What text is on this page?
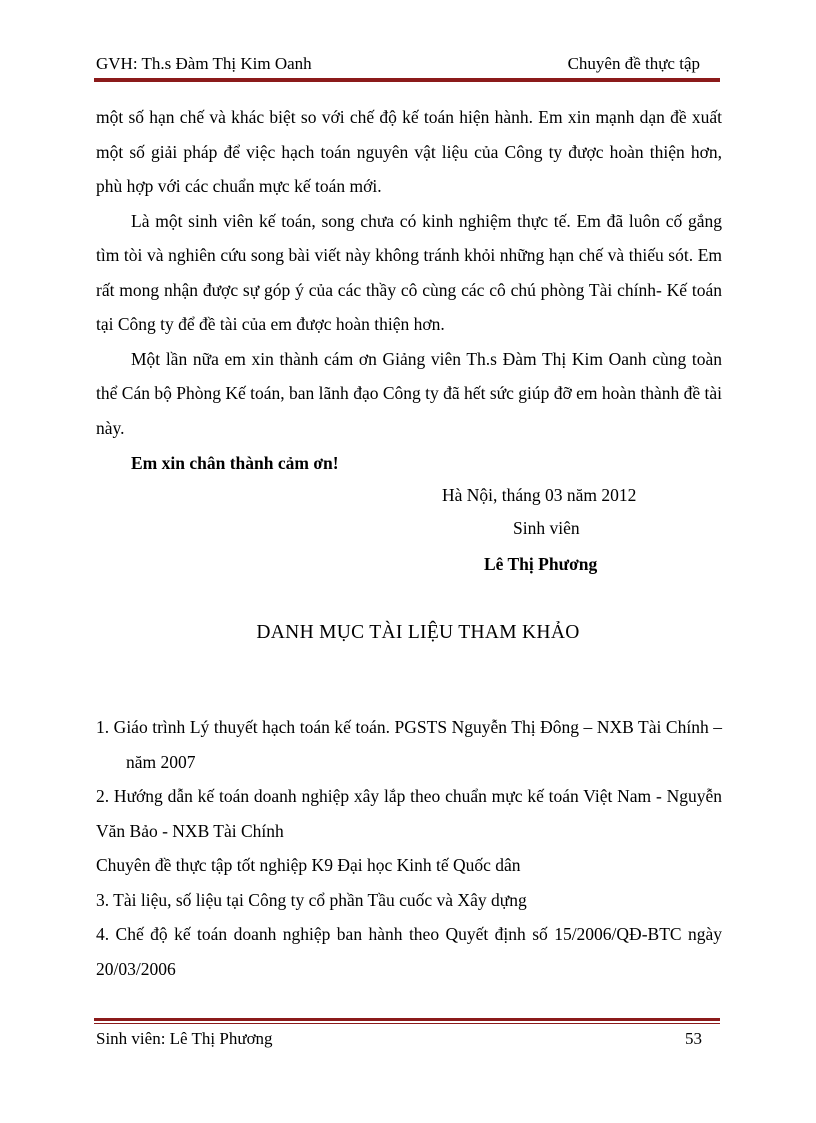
GVH: Th.s Đàm Thị Kim Oanh	Chuyên đề thực tập

một số hạn chế và khác biệt so với chế độ kế toán hiện hành. Em xin mạnh dạn đề xuất một số giải pháp để việc hạch toán nguyên vật liệu của Công ty được hoàn thiện hơn, phù hợp với các chuẩn mực kế toán mới.

Là một sinh viên kế toán, song chưa có kinh nghiệm thực tế. Em đã luôn cố gắng tìm tòi và nghiên cứu song bài viết này không tránh khỏi những hạn chế và thiếu sót. Em rất mong nhận được sự góp ý của các thầy cô cùng các cô chú phòng Tài chính- Kế toán tại Công ty để đề tài của em được hoàn thiện hơn.

Một lần nữa em xin thành cám ơn Giảng viên Th.s Đàm Thị Kim Oanh cùng toàn thể Cán bộ Phòng Kế toán, ban lãnh đạo Công ty đã hết sức giúp đỡ em hoàn thành đề tài này.

Em xin chân thành cảm ơn!
Hà Nội, tháng 03 năm 2012
Sinh viên
Lê Thị Phương
DANH MỤC TÀI LIỆU THAM KHẢO

1. Giáo trình Lý thuyết hạch toán kế toán. PGSTS Nguyễn Thị Đông – NXB Tài Chính – năm 2007

2. Hướng dẫn kế toán doanh nghiệp xây lắp theo chuẩn mực kế toán Việt Nam - Nguyễn Văn Bảo - NXB Tài Chính

Chuyên đề thực tập tốt nghiệp K9 Đại học Kinh tế Quốc dân

3. Tài liệu, số liệu tại Công ty cổ phần Tầu cuốc và Xây dựng

4. Chế độ kế toán doanh nghiệp ban hành theo Quyết định số 15/2006/QĐ-BTC ngày 20/03/2006

Sinh viên: Lê Thị Phương	53
